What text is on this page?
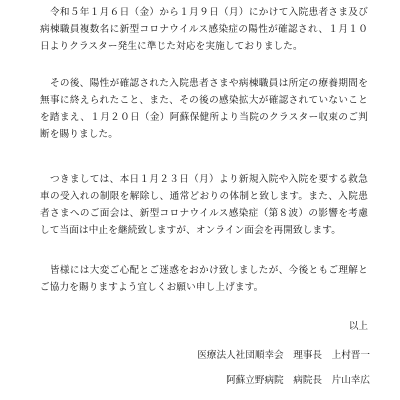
　令和５年１月６日（金）から１月９日（月）にかけて入院患者さま及び病棟職員複数名に新型コロナウイルス感染症の陽性が確認され、１月１０日よりクラスター発生に準じた対応を実施しておりました。

　その後、陽性が確認された入院患者さまや病棟職員は所定の療養期間を無事に終えられたこと、また、その後の感染拡大が確認されていないことを踏まえ、１月２０日（金）阿蘇保健所より当院のクラスター収束のご判断を賜りました。

　つきましては、本日１月２３日（月）より新規入院や入院を要する救急車の受入れの制限を解除し、通常どおりの体制と致します。また、入院患者さまへのご面会は、新型コロナウイルス感染症（第８波）の影響を考慮して当面は中止を継続致しますが、オンライン面会を再開致します。

　皆様には大変ご心配とご迷惑をおかけ致しましたが、今後ともご理解とご協力を賜りますよう宜しくお願い申し上げます。

以上

医療法人社団順幸会　理事長　上村晋一

阿蘇立野病院　病院長　片山幸広
